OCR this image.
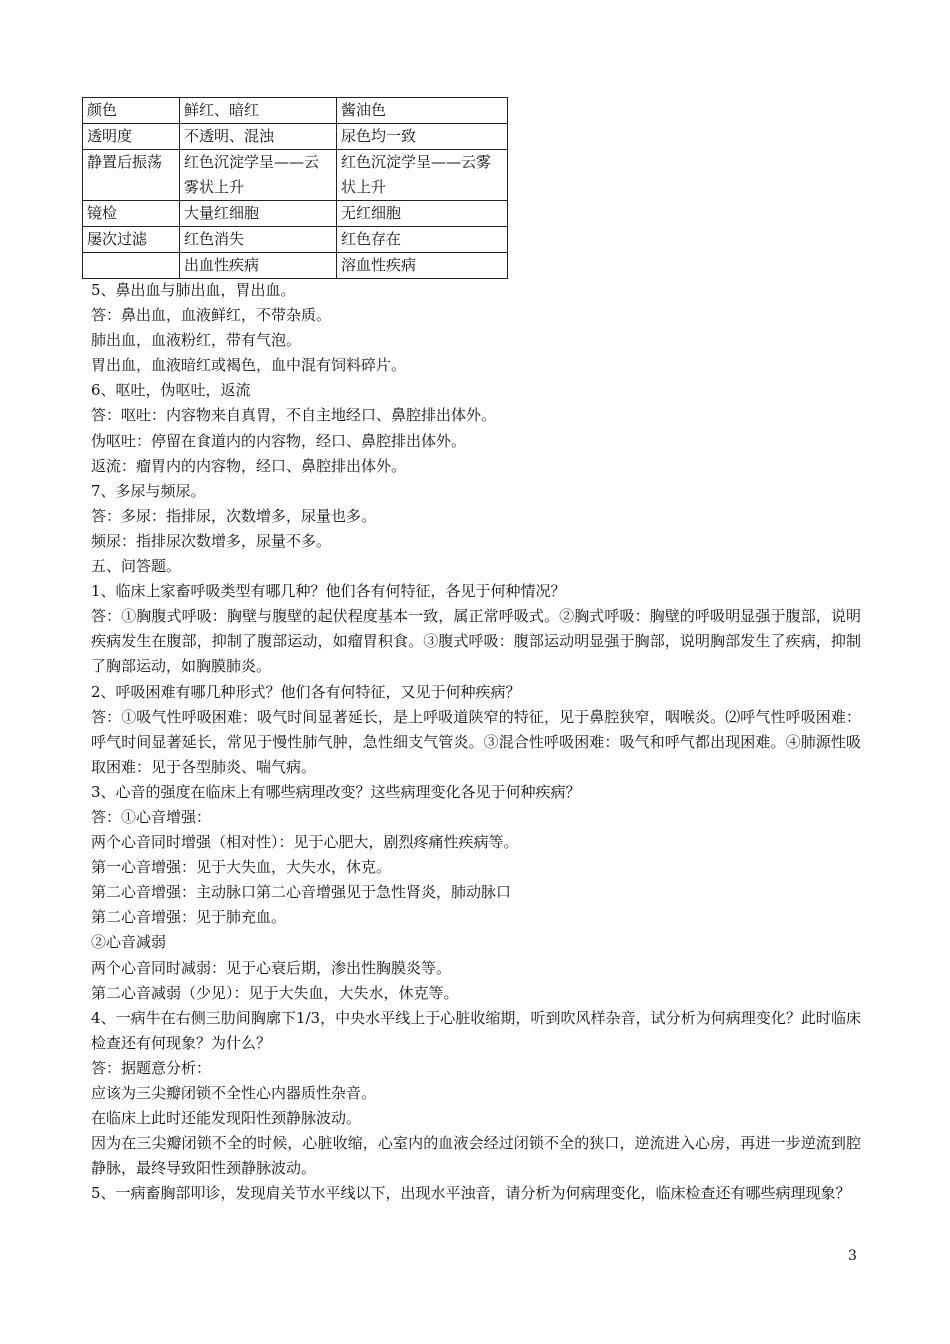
颜色	鲜红、暗红	酱油色
透明度	不透明、混浊	尿色均一致
静置后振荡	红色沉淀学呈——云雾状上升	红色沉淀学呈——云雾状上升
镜检	大量红细胞	无红细胞
屡次过滤	红色消失	红色存在
	出血性疾病	溶血性疾病

5、鼻出血与肺出血，胃出血。

答：鼻出血，血液鲜红，不带杂质。

肺出血，血液粉红，带有气泡。

胃出血，血液暗红或褐色，血中混有饲料碎片。

6、呕吐，伪呕吐，返流

答：呕吐：内容物来自真胃，不自主地经口、鼻腔排出体外。

伪呕吐：停留在食道内的内容物，经口、鼻腔排出体外。

返流：瘤胃内的内容物，经口、鼻腔排出体外。

7、多尿与频尿。

答：多尿：指排尿，次数增多，尿量也多。

频尿：指排尿次数增多，尿量不多。

五、问答题。

1、临床上家畜呼吸类型有哪几种？他们各有何特征，各见于何种情况？

答：①胸腹式呼吸：胸壁与腹壁的起伏程度基本一致，属正常呼吸式。②胸式呼吸：胸壁的呼吸明显强于腹部，说明疾病发生在腹部，抑制了腹部运动，如瘤胃积食。③腹式呼吸：腹部运动明显强于胸部，说明胸部发生了疾病，抑制了胸部运动，如胸膜肺炎。

2、呼吸困难有哪几种形式？他们各有何特征，又见于何种疾病？

答：①吸气性呼吸困难：吸气时间显著延长，是上呼吸道陕窄的特征，见于鼻腔狭窄，咽喉炎。⑵呼气性呼吸困难：呼气时间显著延长，常见于慢性肺气肿，急性细支气管炎。③混合性呼吸困难：吸气和呼气都出现困难。④肺源性吸取困难：见于各型肺炎、喘气病。

3、心音的强度在临床上有哪些病理改变？这些病理变化各见于何种疾病？

答：①心音增强：

两个心音同时增强（相对性）：见于心肥大，剧烈疼痛性疾病等。

第一心音增强：见于大失血，大失水，休克。

第二心音增强：主动脉口第二心音增强见于急性肾炎，肺动脉口

第二心音增强：见于肺充血。

②心音减弱

两个心音同时减弱：见于心衰后期，渗出性胸膜炎等。

第二心音减弱（少见）：见于大失血，大失水，休克等。

4、一病牛在右侧三肋间胸廓下1/3，中央水平线上于心脏收缩期，听到吹风样杂音，试分析为何病理变化？此时临床检查还有何现象？为什么？

答：据题意分析：

应该为三尖瓣闭锁不全性心内器质性杂音。

在临床上此时还能发现阳性颈静脉波动。

因为在三尖瓣闭锁不全的时候，心脏收缩，心室内的血液会经过闭锁不全的狭口，逆流进入心房，再进一步逆流到腔静脉，最终导致阳性颈静脉波动。

5、一病畜胸部叩诊，发现肩关节水平线以下，出现水平浊音，请分析为何病理变化，临床检查还有哪些病理现象？

3
